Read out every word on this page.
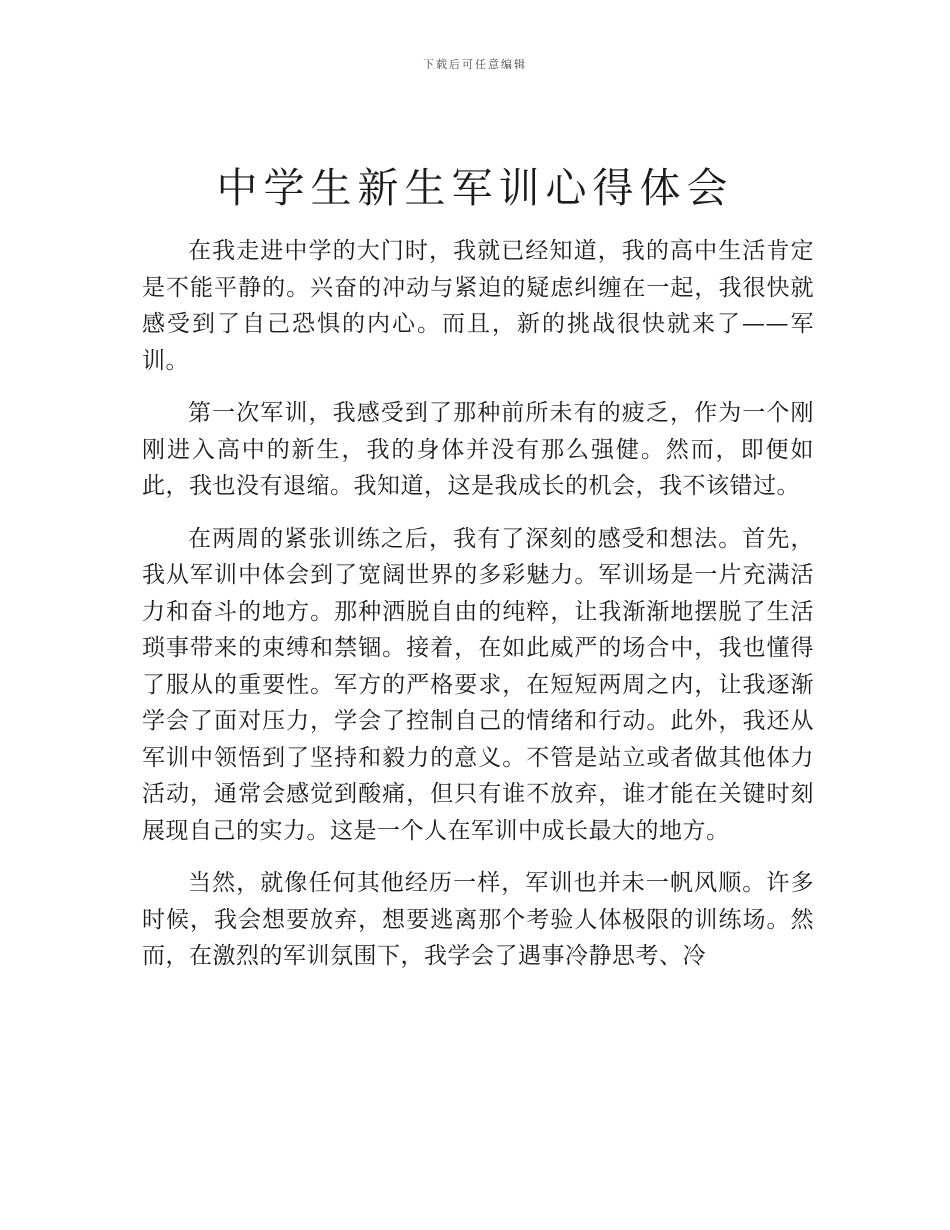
下载后可任意编辑
中学生新生军训心得体会

在我走进中学的大门时，我就已经知道，我的高中生活肯定是不能平静的。兴奋的冲动与紧迫的疑虑纠缠在一起，我很快就感受到了自己恐惧的内心。而且，新的挑战很快就来了——军训。

第一次军训，我感受到了那种前所未有的疲乏，作为一个刚刚进入高中的新生，我的身体并没有那么强健。然而，即便如此，我也没有退缩。我知道，这是我成长的机会，我不该错过。

在两周的紧张训练之后，我有了深刻的感受和想法。首先，我从军训中体会到了宽阔世界的多彩魅力。军训场是一片充满活力和奋斗的地方。那种洒脱自由的纯粹，让我渐渐地摆脱了生活琐事带来的束缚和禁锢。接着，在如此威严的场合中，我也懂得了服从的重要性。军方的严格要求，在短短两周之内，让我逐渐学会了面对压力，学会了控制自己的情绪和行动。此外，我还从军训中领悟到了坚持和毅力的意义。不管是站立或者做其他体力活动，通常会感觉到酸痛，但只有谁不放弃，谁才能在关键时刻展现自己的实力。这是一个人在军训中成长最大的地方。

当然，就像任何其他经历一样，军训也并未一帆风顺。许多时候，我会想要放弃，想要逃离那个考验人体极限的训练场。然而，在激烈的军训氛围下，我学会了遇事冷静思考、冷
